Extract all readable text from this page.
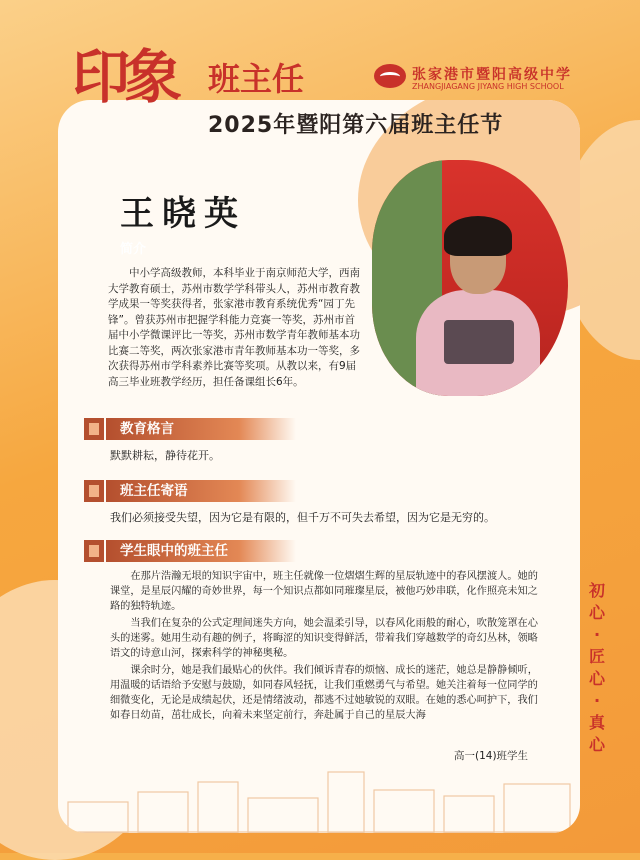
印象 班主任	张家港市暨阳高级中学
ZHANGJIAGANG JIYANG HIGH SCHOOL
2025年暨阳第六届班主任节
王晓英
简介
中小学高级教师，本科毕业于南京师范大学，西南大学教育硕士，苏州市数学学科带头人，苏州市教育教学成果一等奖获得者，张家港市教育系统优秀“园丁先锋”。曾获苏州市把握学科能力竞赛一等奖，苏州市首届中小学微课评比一等奖，苏州市数学青年教师基本功比赛二等奖，两次张家港市青年教师基本功一等奖，多次获得苏州市学科素养比赛等奖项。从教以来，有9届高三毕业班教学经历，担任备课组长6年。
教育格言
默默耕耘，静待花开。
班主任寄语
我们必须接受失望，因为它是有限的，但千万不可失去希望，因为它是无穷的。
学生眼中的班主任

在那片浩瀚无垠的知识宇宙中，班主任就像一位熠熠生辉的星辰轨迹中的春风摆渡人。她的课堂，是星辰闪耀的奇妙世界，每一个知识点都如同璀璨星辰，被他巧妙串联，化作照亮未知之路的独特轨迹。

当我们在复杂的公式定理间迷失方向，她会温柔引导，以春风化雨般的耐心，吹散笼罩在心头的迷雾。她用生动有趣的例子，将晦涩的知识变得鲜活，带着我们穿越数学的奇幻丛林，领略语文的诗意山河，探索科学的神秘奥秘。

课余时分，她是我们最贴心的伙伴。我们倾诉青春的烦恼、成长的迷茫，她总是静静倾听，用温暖的话语给予安慰与鼓励，如同春风轻抚，让我们重燃勇气与希望。她关注着每一位同学的细微变化，无论是成绩起伏，还是情绪波动，都逃不过她敏锐的双眼。在她的悉心呵护下，我们如春日幼苗，茁壮成长，向着未来坚定前行，奔赴属于自己的星辰大海

高一(14)班学生
初心·匠心·真心
